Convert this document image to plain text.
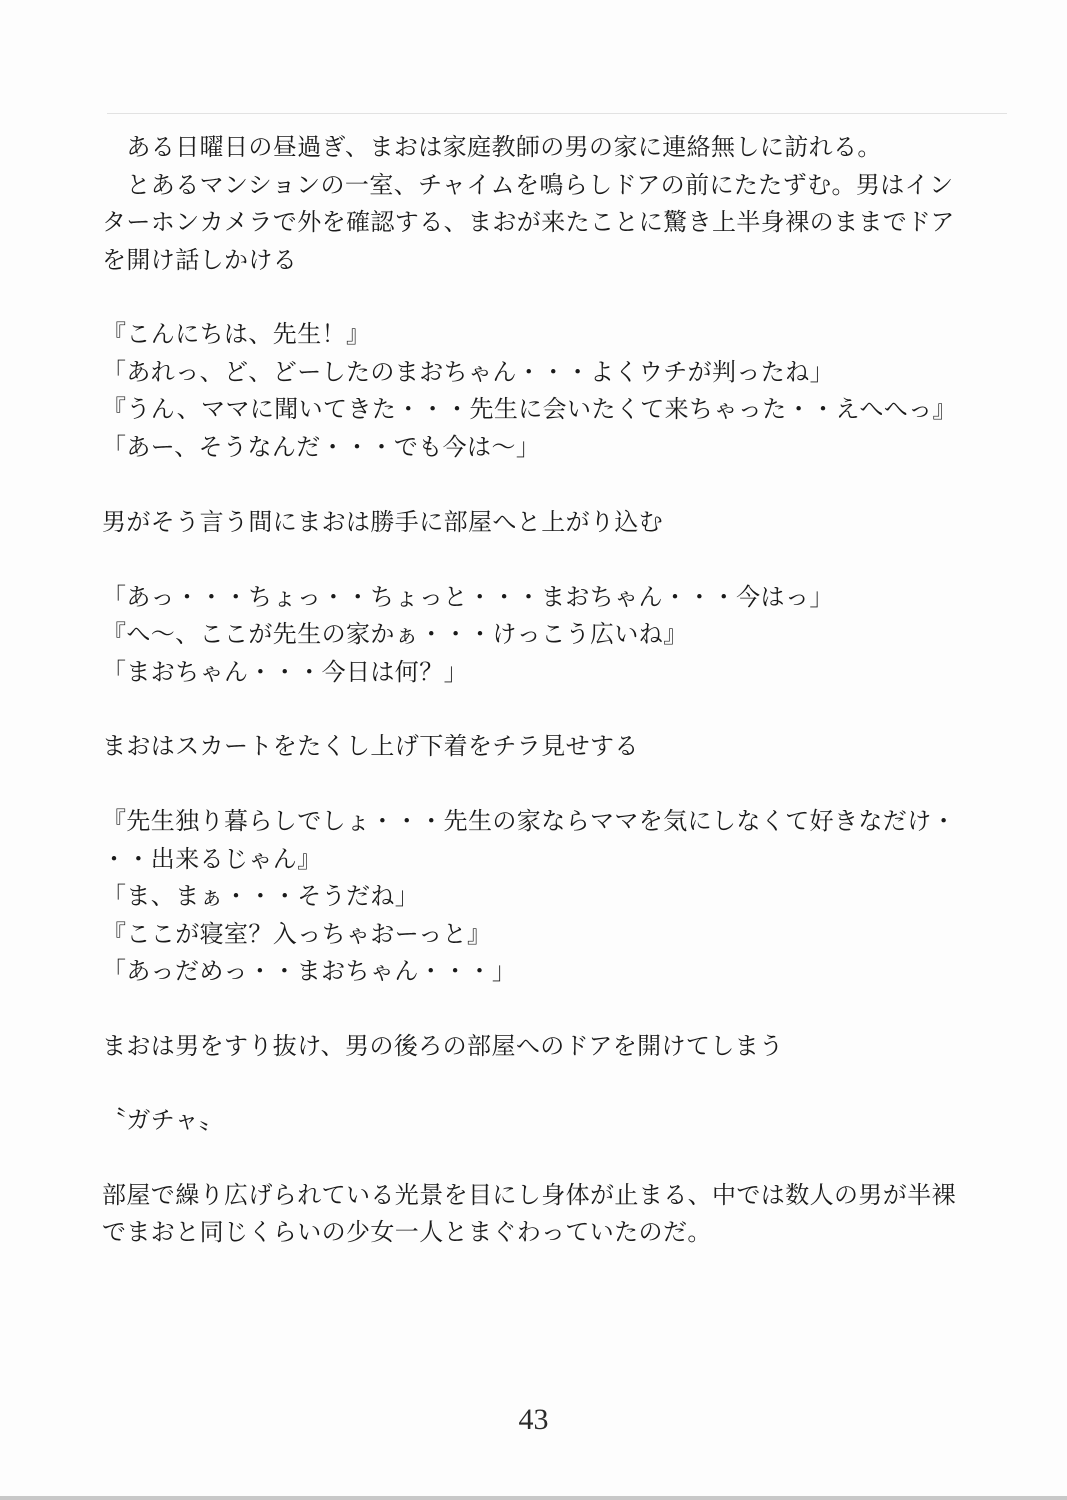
　ある日曜日の昼過ぎ、まおは家庭教師の男の家に連絡無しに訪れる。
　とあるマンションの一室、チャイムを鳴らしドアの前にたたずむ。男はイン
ターホンカメラで外を確認する、まおが来たことに驚き上半身裸のままでドア
を開け話しかける
『こんにちは、先生！』
「あれっ、ど、どーしたのまおちゃん・・・よくウチが判ったね」
『うん、ママに聞いてきた・・・先生に会いたくて来ちゃった・・えへへっ』
「あー、そうなんだ・・・でも今は～」
男がそう言う間にまおは勝手に部屋へと上がり込む
「あっ・・・ちょっ・・ちょっと・・・まおちゃん・・・今はっ」
『へ～、ここが先生の家かぁ・・・けっこう広いね』
「まおちゃん・・・今日は何？」
まおはスカートをたくし上げ下着をチラ見せする
『先生独り暮らしでしょ・・・先生の家ならママを気にしなくて好きなだけ・
・・出来るじゃん』
「ま、まぁ・・・そうだね」
『ここが寝室？入っちゃおーっと』
「あっだめっ・・まおちゃん・・・」
まおは男をすり抜け、男の後ろの部屋へのドアを開けてしまう
〝ガチャ〟
部屋で繰り広げられている光景を目にし身体が止まる、中では数人の男が半裸
でまおと同じくらいの少女一人とまぐわっていたのだ。
43
